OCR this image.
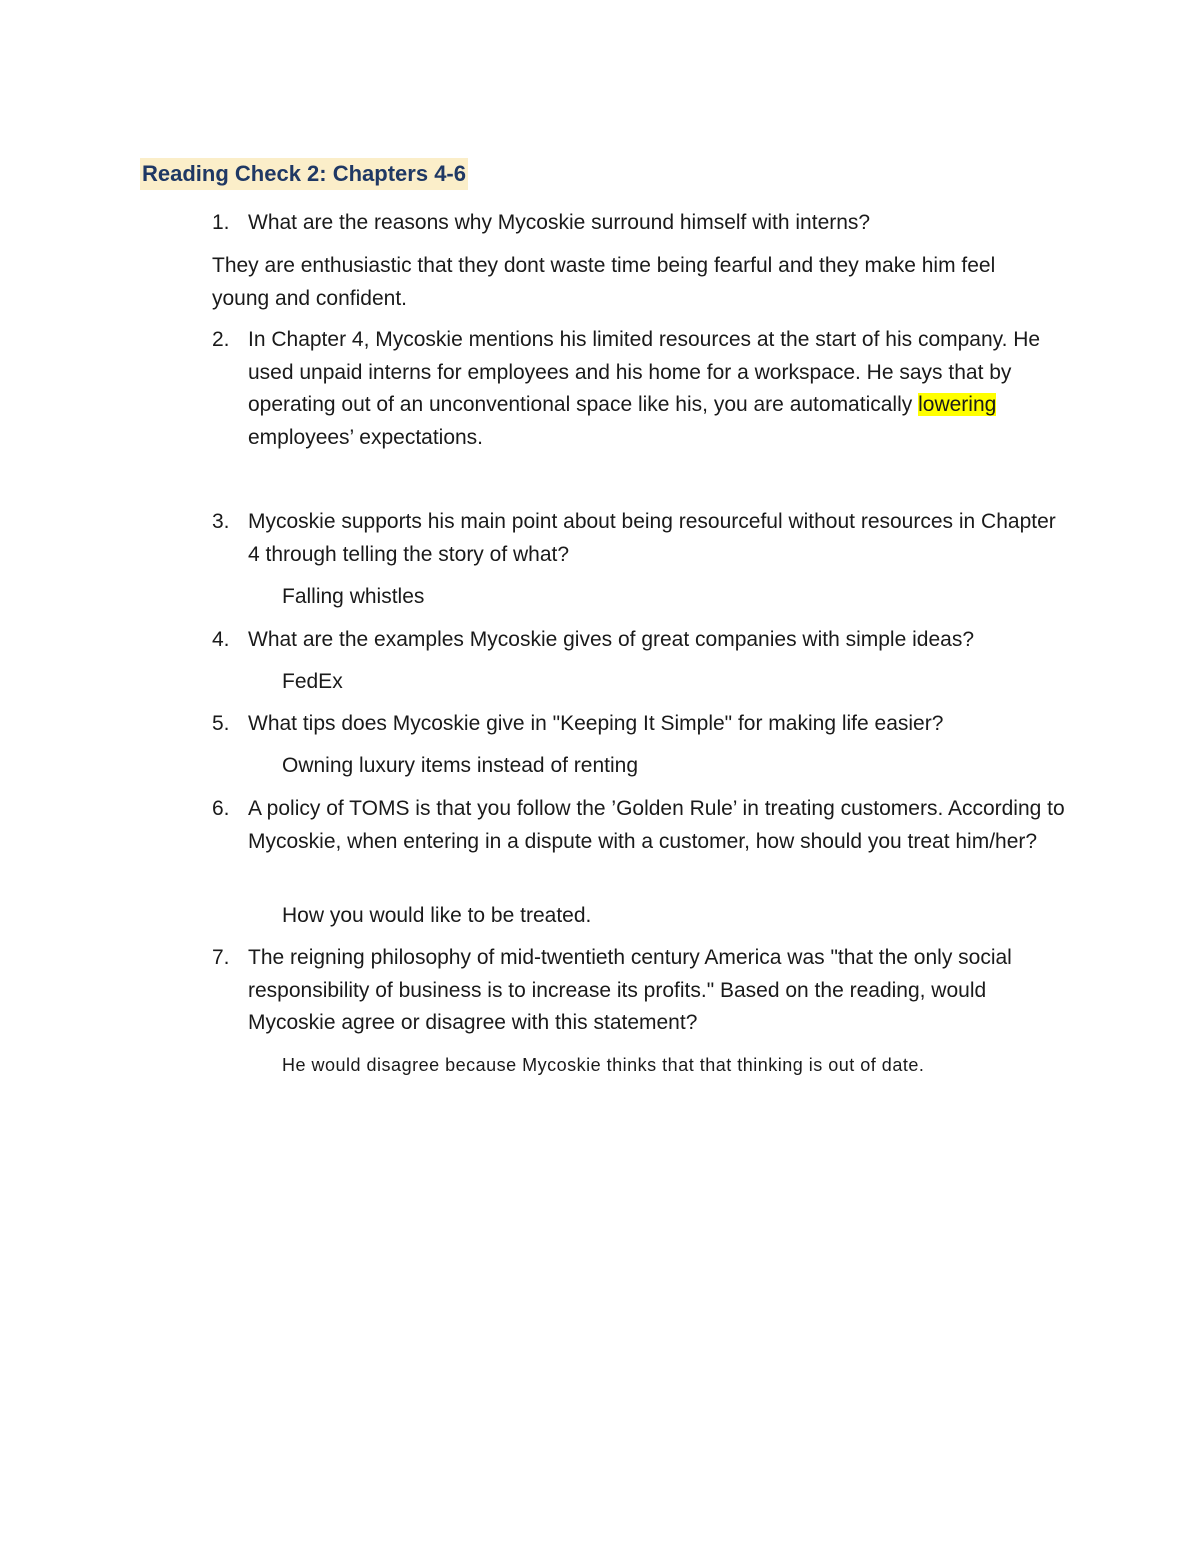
Reading Check 2: Chapters 4-6
1. What are the reasons why Mycoskie surround himself with interns?
They are enthusiastic that they dont waste time being fearful and they make him feel young and confident.
2. In Chapter 4, Mycoskie mentions his limited resources at the start of his company. He used unpaid interns for employees and his home for a workspace. He says that by operating out of an unconventional space like his, you are automatically lowering employees’ expectations.
3. Mycoskie supports his main point about being resourceful without resources in Chapter 4 through telling the story of what?
Falling whistles
4. What are the examples Mycoskie gives of great companies with simple ideas?
FedEx
5. What tips does Mycoskie give in "Keeping It Simple" for making life easier?
Owning luxury items instead of renting
6. A policy of TOMS is that you follow the ’Golden Rule’ in treating customers. According to Mycoskie, when entering in a dispute with a customer, how should you treat him/her?
How you would like to be treated.
7. The reigning philosophy of mid-twentieth century America was "that the only social responsibility of business is to increase its profits." Based on the reading, would Mycoskie agree or disagree with this statement?
He would disagree because Mycoskie thinks that that thinking is out of date.
